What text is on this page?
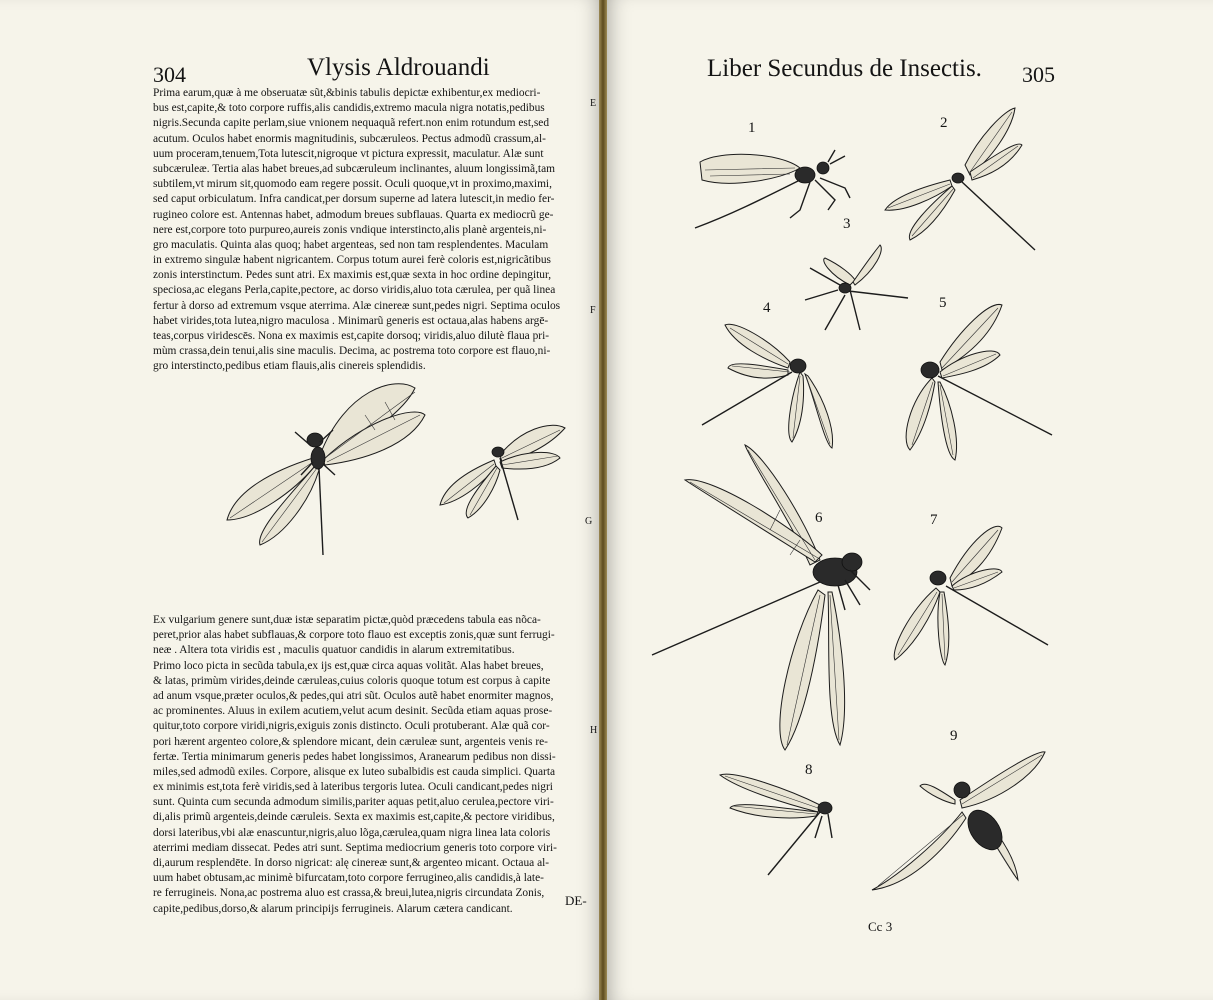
304	Vlysis Aldrouandi
Prima earum,quæ à me obseruatæ sũt,&binis tabulis depictæ exhibentur,ex mediocri-
bus est,capite,& toto corpore ruffis,alis candidis,extremo macula nigra notatis,pedibus
nigris.Secunda capite perlam,siue vnionem nequaquã refert.non enim rotundum est,sed
acutum. Oculos habet enormis magnitudinis, subcæruleos. Pectus admodũ crassum,al-
uum proceram,tenuem,Tota lutescit,nigroque vt pictura expressit, maculatur. Alæ sunt
subcæruleæ. Tertia alas habet breues,ad subcæruleum inclinantes, aluum longissimã,tam
subtilem,vt mirum sit,quomodo eam regere possit. Oculi quoque,vt in proximo,maximi,
sed caput orbiculatum. Infra candicat,per dorsum superne ad latera lutescit,in medio fer-
rugineo colore est. Antennas habet, admodum breues subflauas. Quarta ex mediocrũ ge-
nere est,corpore toto purpureo,aureis zonis vndique interstincto,alis planè argenteis,ni-
gro maculatis. Quinta alas quoq; habet argenteas, sed non tam resplendentes. Maculam
in extremo singulæ habent nigricantem. Corpus totum aurei ferè coloris est,nigricãtibus
zonis interstinctum. Pedes sunt atri. Ex maximis est,quæ sexta in hoc ordine depingitur,
speciosa,ac elegans Perla,capite,pectore, ac dorso viridis,aluo tota cærulea, per quã linea
fertur à dorso ad extremum vsque aterrima. Alæ cinereæ sunt,pedes nigri. Septima oculos
habet virides,tota lutea,nigro maculosa . Minimarũ generis est octaua,alas habens argē-
teas,corpus viridescēs. Nona ex maximis est,capite dorsoq; viridis,aluo dilutè flaua pri-
mùm crassa,dein tenui,alis sine maculis. Decima, ac postrema toto corpore est flauo,ni-
gro interstincto,pedibus etiam flauis,alis cinereis splendidis.
E
F
G
H
Ex vulgarium genere sunt,duæ istæ separatim pictæ,quòd præcedens tabula eas nõca-
peret,prior alas habet subflauas,& corpore toto flauo est exceptis zonis,quæ sunt ferrugi-
neæ . Altera tota viridis est , maculis quatuor candidis in alarum extremitatibus.
Primo loco picta in secũda tabula,ex ijs est,quæ circa aquas volitãt. Alas habet breues,
& latas, primùm virides,deinde cæruleas,cuius coloris quoque totum est corpus à capite
ad anum vsque,præter oculos,& pedes,qui atri sũt. Oculos autẽ habet enormiter magnos,
ac prominentes. Aluus in exilem acutiem,velut acum desinit. Secũda etiam aquas prose-
quitur,toto corpore viridi,nigris,exiguis zonis distincto. Oculi protuberant. Alæ quã cor-
pori hærent argenteo colore,& splendore micant, dein cæruleæ sunt, argenteis venis re-
fertæ. Tertia minimarum generis pedes habet longissimos, Aranearum pedibus non dissi-
miles,sed admodũ exiles. Corpore, alisque ex luteo subalbidis est cauda simplici. Quarta
ex minimis est,tota ferè viridis,sed à lateribus tergoris lutea. Oculi candicant,pedes nigri
sunt. Quinta cum secunda admodum similis,pariter aquas petit,aluo cerulea,pectore viri-
di,alis primũ argenteis,deinde cæruleis. Sexta ex maximis est,capite,& pectore viridibus,
dorsi lateribus,vbi alæ enascuntur,nigris,aluo lõga,cærulea,quam nigra linea lata coloris
aterrimi mediam dissecat. Pedes atri sunt. Septima mediocrium generis toto corpore viri-
di,aurum resplendēte. In dorso nigricat: alę cinereæ sunt,& argenteo micant. Octaua al-
uum habet obtusam,ac minimè bifurcatam,toto corpore ferrugineo,alis candidis,à late-
re ferrugineis. Nona,ac postrema aluo est crassa,& breui,lutea,nigris circundata Zonis,
capite,pedibus,dorso,& alarum principijs ferrugineis. Alarum cætera candicant.
DE-
Liber Secundus de Insectis. 305
1	2
3
4	5
6	7
8
9
Cc 3
